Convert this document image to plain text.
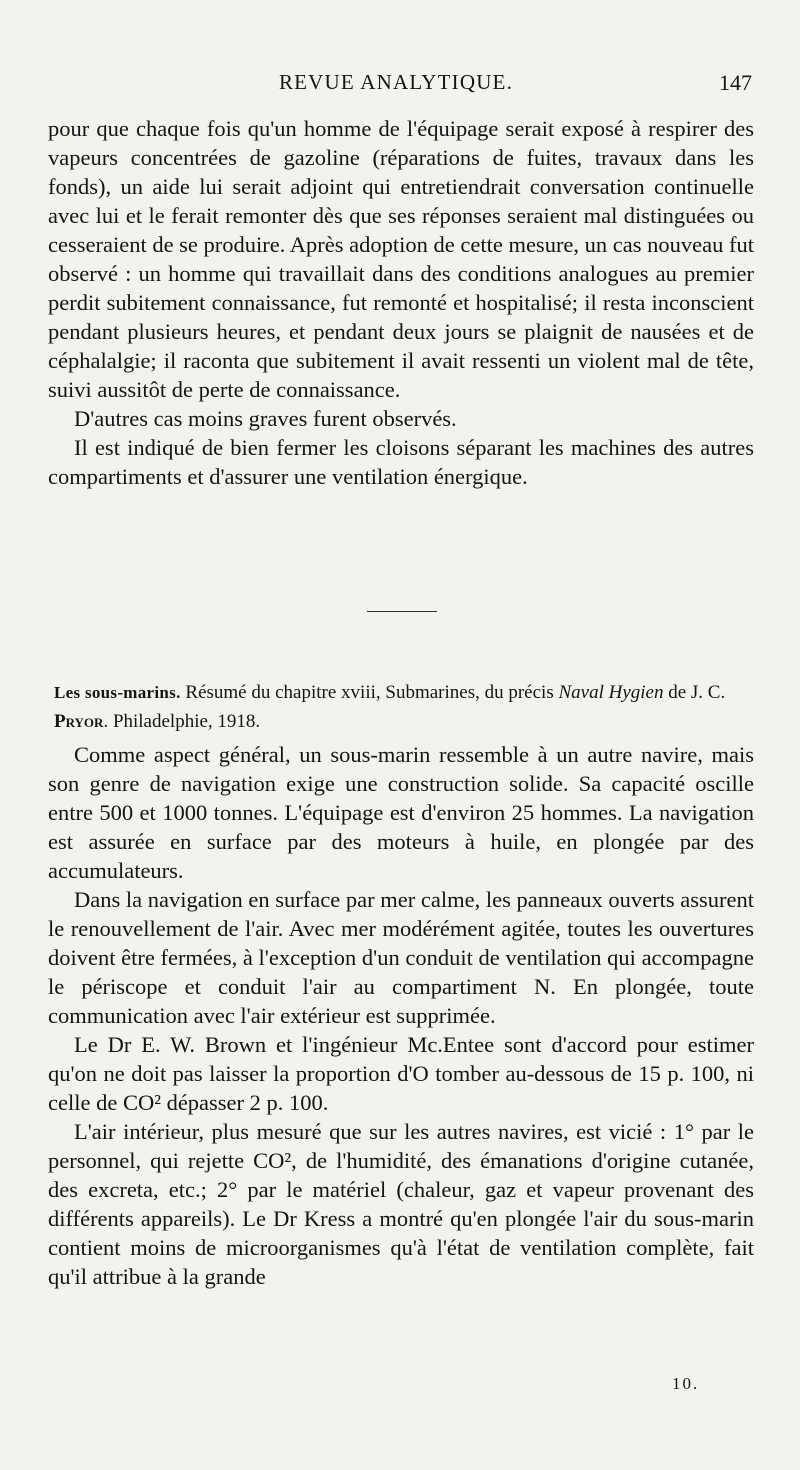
REVUE ANALYTIQUE.	147

pour que chaque fois qu'un homme de l'équipage serait exposé à respirer des vapeurs concentrées de gazoline (réparations de fuites, travaux dans les fonds), un aide lui serait adjoint qui entretiendrait conversation continuelle avec lui et le ferait remonter dès que ses réponses seraient mal distinguées ou cesseraient de se produire. Après adoption de cette mesure, un cas nouveau fut observé : un homme qui travaillait dans des conditions analogues au premier perdit subitement connaissance, fut remonté et hospitalisé; il resta inconscient pendant plusieurs heures, et pendant deux jours se plaignit de nausées et de céphalalgie; il raconta que subitement il avait ressenti un violent mal de tête, suivi aussitôt de perte de connaissance.

D'autres cas moins graves furent observés.

Il est indiqué de bien fermer les cloisons séparant les machines des autres compartiments et d'assurer une ventilation énergique.

Les sous-marins. Résumé du chapitre xviii, Submarines, du précis Naval Hygien de J. C. Pryor. Philadelphie, 1918.

Comme aspect général, un sous-marin ressemble à un autre navire, mais son genre de navigation exige une construction solide. Sa capacité oscille entre 500 et 1000 tonnes. L'équipage est d'environ 25 hommes. La navigation est assurée en surface par des moteurs à huile, en plongée par des accumulateurs.

Dans la navigation en surface par mer calme, les panneaux ouverts assurent le renouvellement de l'air. Avec mer modérément agitée, toutes les ouvertures doivent être fermées, à l'exception d'un conduit de ventilation qui accompagne le périscope et conduit l'air au compartiment N. En plongée, toute communication avec l'air extérieur est supprimée.

Le Dr E. W. Brown et l'ingénieur Mc.Entee sont d'accord pour estimer qu'on ne doit pas laisser la proportion d'O tomber au-dessous de 15 p. 100, ni celle de CO² dépasser 2 p. 100.

L'air intérieur, plus mesuré que sur les autres navires, est vicié : 1° par le personnel, qui rejette CO², de l'humidité, des émanations d'origine cutanée, des excreta, etc.; 2° par le matériel (chaleur, gaz et vapeur provenant des différents appareils). Le Dr Kress a montré qu'en plongée l'air du sous-marin contient moins de microorganismes qu'à l'état de ventilation complète, fait qu'il attribue à la grande

10.
